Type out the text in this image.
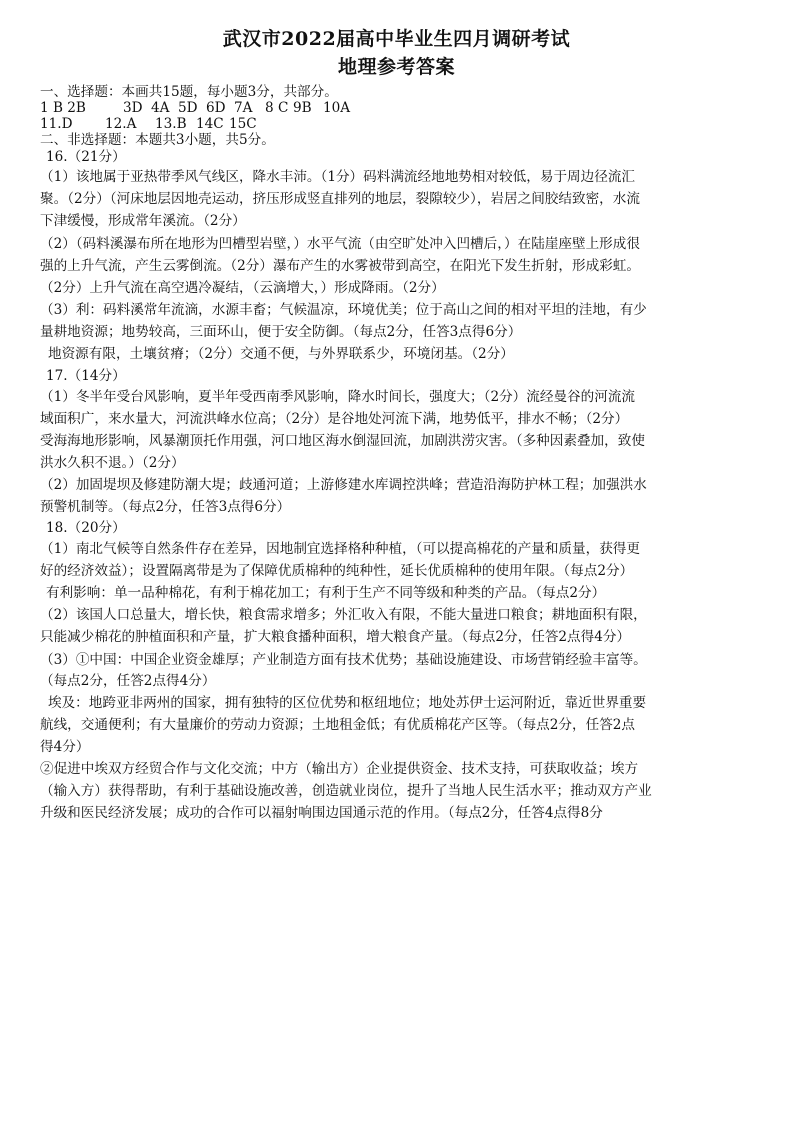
武汉市2022届高中毕业生四月调研考试
地理参考答案
一、选择题：本画共15题，每小题3分，共部分。
1 B 2B	3D 4A 5D 6D 7A 8 C 9B 10A
11.D 12.A 13.B 14C 15C
二、非选择题：本题共3小题，共5分。
16.（21分）
（1）该地属于亚热带季风气线区，降水丰沛。（1分）码料满流经地地势相对较低，易于周边径流汇
聚。（2分）（河床地层因地壳运动，挤压形成竖直排列的地层，裂隙较少），岩居之间胶结致密，水流
下津缓慢，形成常年溪流。（2分）
（2）（码料溪瀑布所在地形为凹槽型岩壁，）水平气流（由空旷处冲入凹槽后，）在陆崖座壁上形成很
强的上升气流，产生云雾倒流。（2分）瀑布产生的水雾被带到高空，在阳光下发生折射，形成彩虹。
（2分）上升气流在高空遇冷凝结，（云滴增大，）形成降雨。（2分）
（3）利：码料溪常年流滴，水源丰畜；气候温凉，环境优美；位于高山之间的相对平坦的洼地，有少
量耕地资源；地势较高，三面环山，便于安全防御。（每点2分，任答3点得6分）
地资源有限，土壤贫瘠；（2分）交通不便，与外界联系少，环境闭基。（2分）
17.（14分）
（1）冬半年受台风影响，夏半年受西南季风影响，降水时间长，强度大；（2分）流经曼谷的河流流
域面积广，来水量大，河流洪峰水位高；（2分）是谷地处河流下满，地势低平，排水不畅；（2分）
受海海地形影响，风暴潮顶托作用强，河口地区海水倒湿回流，加剧洪涝灾害。（多种因素叠加，致使
洪水久积不退。）（2分）
（2）加固堤坝及修建防潮大堤；歧通河道；上游修建水库调控洪峰；营造沿海防护林工程；加强洪水
预警机制等。（每点2分，任答3点得6分）
18.（20分）
（1）南北气候等自然条件存在差异，因地制宜选择格种种植，（可以提高棉花的产量和质量，获得更
好的经济效益）；设置隔离带是为了保障优质棉种的纯种性，延长优质棉种的使用年限。（每点2分）
有利影响：单一品种棉花，有利于棉花加工；有利于生产不同等级和种类的产品。（每点2分）
（2）该国人口总量大，增长快，粮食需求增多；外汇收入有限，不能大量进口粮食；耕地面积有限，
只能减少棉花的肿植面积和产量，扩大粮食播种面积，增大粮食产量。（每点2分，任答2点得4分）
（3）①中国：中国企业资金雄厚；产业制造方面有技术优势；基础设施建设、市场营销经验丰富等。
（每点2分，任答2点得4分）
埃及：地跨亚非两州的国家，拥有独特的区位优势和枢纽地位；地处苏伊士运河附近，靠近世界重要
航线，交通便利；有大量廉价的劳动力资源；土地租金低；有优质棉花产区等。（每点2分，任答2点
得4分）
②促进中埃双方经贸合作与文化交流；中方（输出方）企业提供资金、技术支持，可获取收益；埃方
（输入方）获得帮助，有利于基础设施改善，创造就业岗位，提升了当地人民生活水平；推动双方产业
升级和医民经济发展；成功的合作可以福射响围边国通示范的作用。（每点2分，任答4点得8分
